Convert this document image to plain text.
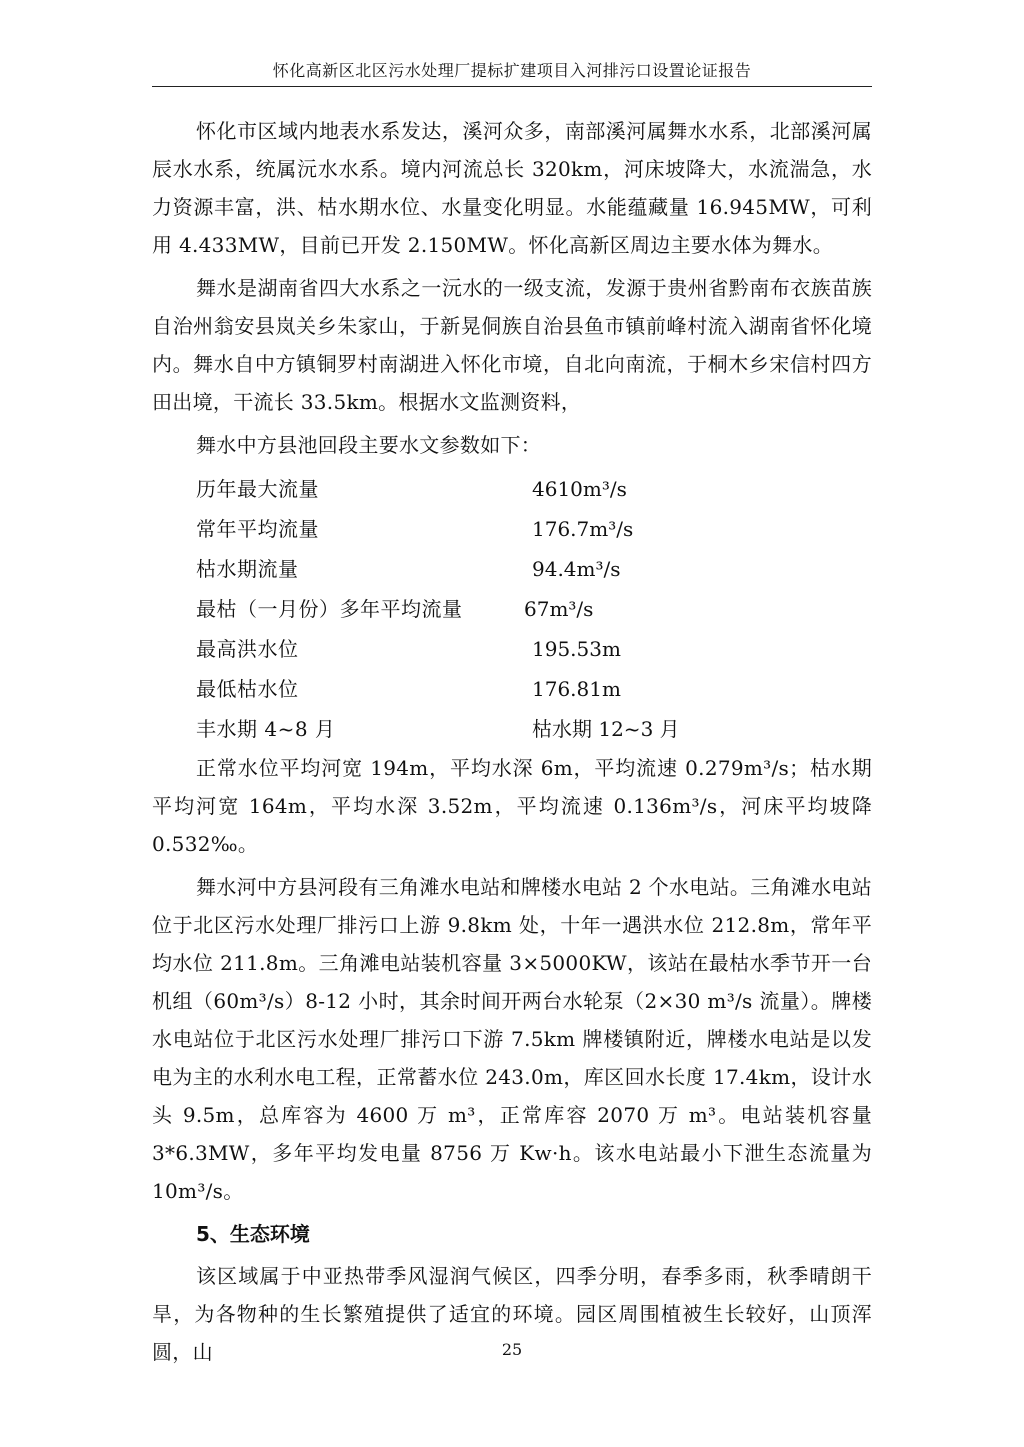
怀化高新区北区污水处理厂提标扩建项目入河排污口设置论证报告

怀化市区域内地表水系发达，溪河众多，南部溪河属舞水水系，北部溪河属辰水水系，统属沅水水系。境内河流总长 320km，河床坡降大，水流湍急，水力资源丰富，洪、枯水期水位、水量变化明显。水能蕴藏量 16.945MW，可利用 4.433MW，目前已开发 2.150MW。怀化高新区周边主要水体为舞水。

舞水是湖南省四大水系之一沅水的一级支流，发源于贵州省黔南布衣族苗族自治州翁安县岚关乡朱家山，于新晃侗族自治县鱼市镇前峰村流入湖南省怀化境内。舞水自中方镇铜罗村南湖进入怀化市境，自北向南流，于桐木乡宋信村四方田出境，干流长 33.5km。根据水文监测资料，

舞水中方县池回段主要水文参数如下：

历年最大流量	4610m³/s
常年平均流量	176.7m³/s
枯水期流量	94.4m³/s
最枯（一月份）多年平均流量	67m³/s
最高洪水位	195.53m
最低枯水位	176.81m
丰水期 4~8 月	枯水期 12~3 月

正常水位平均河宽 194m，平均水深 6m，平均流速 0.279m³/s；枯水期平均河宽 164m，平均水深 3.52m，平均流速 0.136m³/s，河床平均坡降 0.532‰。

舞水河中方县河段有三角滩水电站和牌楼水电站 2 个水电站。三角滩水电站位于北区污水处理厂排污口上游 9.8km 处，十年一遇洪水位 212.8m，常年平均水位 211.8m。三角滩电站装机容量 3×5000KW，该站在最枯水季节开一台机组（60m³/s）8-12 小时，其余时间开两台水轮泵（2×30 m³/s 流量）。牌楼水电站位于北区污水处理厂排污口下游 7.5km 牌楼镇附近，牌楼水电站是以发电为主的水利水电工程，正常蓄水位 243.0m，库区回水长度 17.4km，设计水头 9.5m，总库容为 4600 万 m³，正常库容 2070 万 m³。电站装机容量 3*6.3MW，多年平均发电量 8756 万 Kw·h。该水电站最小下泄生态流量为 10m³/s。

5、生态环境

该区域属于中亚热带季风湿润气候区，四季分明，春季多雨，秋季晴朗干旱，为各物种的生长繁殖提供了适宜的环境。园区周围植被生长较好，山顶浑圆，山	25
